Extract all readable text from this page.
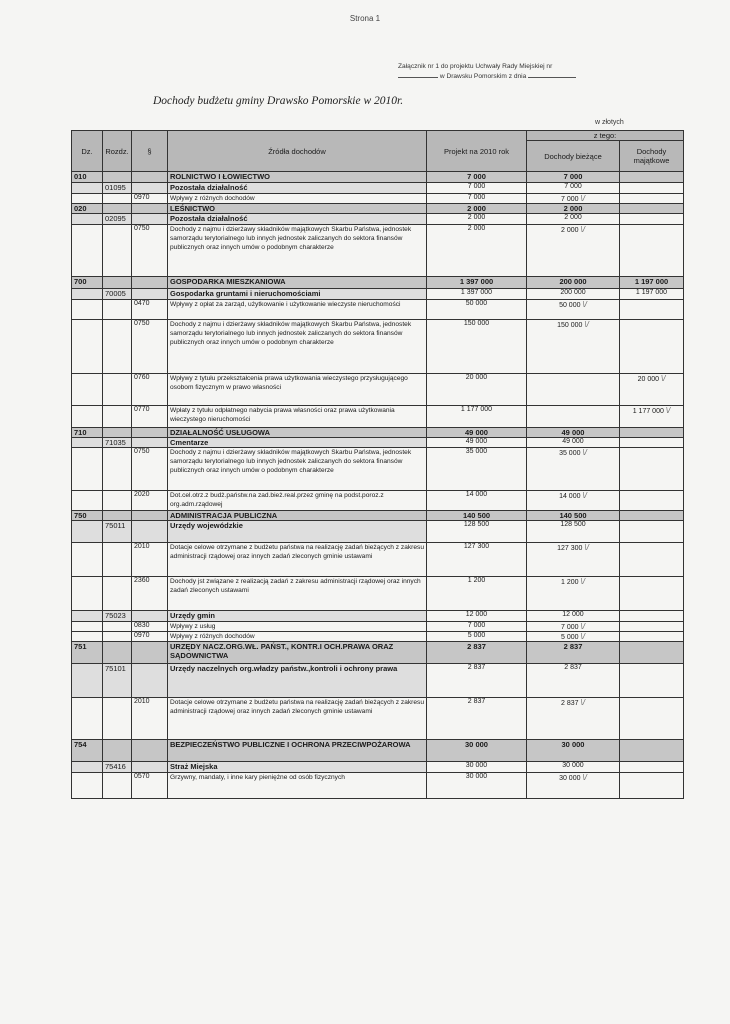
Strona 1
Załącznik nr 1 do projektu Uchwały Rady Miejskiej nr
w Drawsku Pomorskim z dnia
Dochody budżetu gminy Drawsko Pomorskie w 2010r.
w złotych
Dz.	Rozdz.	§	Źródła dochodów	Projekt na 2010 rok	z tego:	
					Dochody bieżące	Dochody majątkowe
010			ROLNICTWO I ŁOWIECTWO	7 000	7 000	
	01095		Pozostała działalność	7 000	7 000	
		0970	Wpływy z różnych dochodów	7 000	7 000 \/	
020			LEŚNICTWO	2 000	2 000	
	02095		Pozostała działalność	2 000	2 000	
		0750	Dochody z najmu i dzierżawy składników majątkowych Skarbu Państwa, jednostek samorządu terytorialnego lub innych jednostek zaliczanych do sektora finansów publicznych oraz innych umów o podobnym charakterze	2 000	2 000 \/	
700			GOSPODARKA MIESZKANIOWA	1 397 000	200 000	1 197 000
	70005		Gospodarka gruntami i nieruchomościami	1 397 000	200 000	1 197 000
		0470	Wpływy z opłat za zarząd, użytkowanie i użytkowanie wieczyste nieruchomości	50 000	50 000 \/	
		0750	Dochody z najmu i dzierżawy składników majątkowych Skarbu Państwa, jednostek samorządu terytorialnego lub innych jednostek zaliczanych do sektora finansów publicznych oraz innych umów o podobnym charakterze	150 000	150 000 \/	
		0760	Wpływy z tytułu przekształcenia prawa użytkowania wieczystego przysługującego osobom fizycznym w prawo własności	20 000		20 000 \/
		0770	Wpłaty z tytułu odpłatnego nabycia prawa własności oraz prawa użytkowania wieczystego nieruchomości	1 177 000		1 177 000 \/
710			DZIAŁALNOŚĆ USŁUGOWA	49 000	49 000	
	71035		Cmentarze	49 000	49 000	
		0750	Dochody z najmu i dzierżawy składników majątkowych Skarbu Państwa, jednostek samorządu terytorialnego lub innych jednostek zaliczanych do sektora finansów publicznych oraz innych umów o podobnym charakterze	35 000	35 000 \/	
		2020	Dot.cel.otrz.z budż.państw.na zad.bież.real.przez gminę na podst.poroz.z org.adm.rządowej	14 000	14 000 \/	
750			ADMINISTRACJA PUBLICZNA	140 500	140 500	
	75011		Urzędy wojewódzkie	128 500	128 500	
		2010	Dotacje celowe otrzymane z budżetu państwa na realizację zadań bieżących z zakresu administracji rządowej oraz innych zadań zleconych gminie ustawami	127 300	127 300 \/	
		2360	Dochody jst związane z realizacją zadań z zakresu administracji rządowej oraz innych zadań zleconych ustawami	1 200	1 200 \/	
	75023		Urzędy gmin	12 000	12 000	
		0830	Wpływy z usług	7 000	7 000 \/	
		0970	Wpływy z różnych dochodów	5 000	5 000 \/	
751			URZĘDY NACZ.ORG.WŁ. PAŃST., KONTR.I OCH.PRAWA ORAZ SĄDOWNICTWA	2 837	2 837	
	75101		Urzędy naczelnych org.władzy państw.,kontroli i ochrony prawa	2 837	2 837	
		2010	Dotacje celowe otrzymane z budżetu państwa na realizację zadań bieżących z zakresu administracji rządowej oraz innych zadań zleconych gminie ustawami	2 837	2 837 \/	
754			BEZPIECZEŃSTWO PUBLICZNE I OCHRONA PRZECIWPOŻAROWA	30 000	30 000	
	75416		Straż Miejska	30 000	30 000	
		0570	Grzywny, mandaty, i inne kary pieniężne od osób fizycznych	30 000	30 000 \/	
